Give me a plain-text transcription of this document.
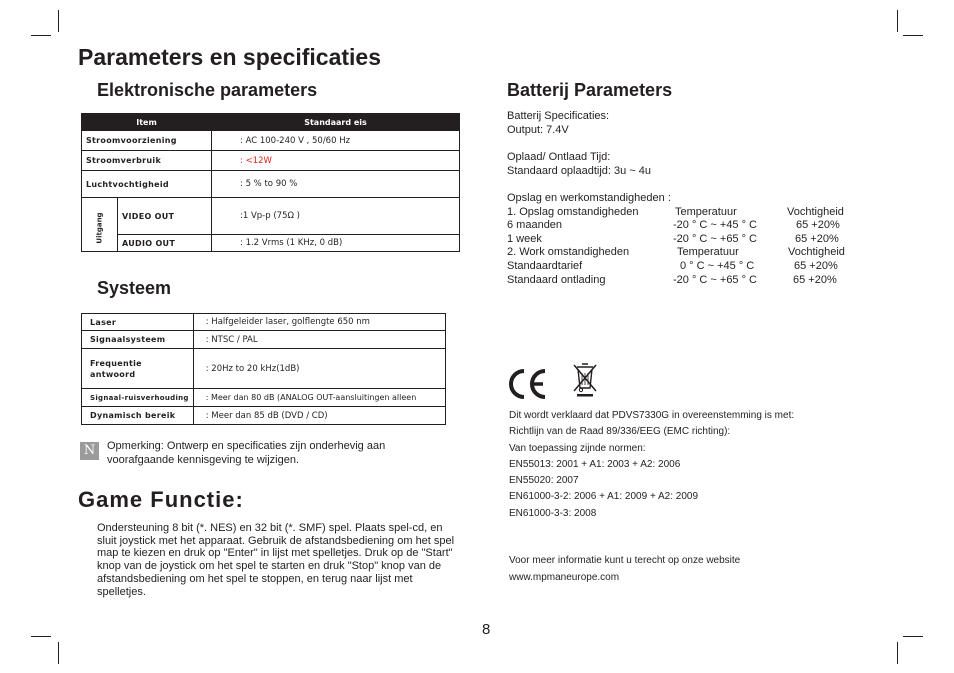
Parameters en specificaties
Elektronische parameters
Item		Standaard eis
Stroomvoorziening		: AC 100-240 V , 50/60 Hz
Stroomverbruik		: <12W
Luchtvochtigheid		: 5 % to 90 %
Uitgang	VIDEO OUT	:1 Vp-p (75Ω )
	AUDIO OUT	: 1.2 Vrms (1 KHz, 0 dB)
Systeem
Laser	: Halfgeleider laser, golflengte 650 nm
Signaalsysteem	: NTSC / PAL
Frequentie antwoord	: 20Hz to 20 kHz(1dB)
Signaal-ruisverhouding	: Meer dan 80 dB (ANALOG OUT-aansluitingen alleen
Dynamisch bereik	: Meer dan 85 dB (DVD / CD)
N	Opmerking: Ontwerp en specificaties zijn onderhevig aan voorafgaande kennisgeving te wijzigen.
Game Functie:
Ondersteuning 8 bit (*. NES) en 32 bit (*. SMF) spel. Plaats spel-cd, en sluit joystick met het apparaat. Gebruik de afstandsbediening om het spel map te kiezen en druk op "Enter" in lijst met spelletjes. Druk op de "Start" knop van de joystick om het spel te starten en druk "Stop" knop van de afstandsbediening om het spel te stoppen, en terug naar lijst met spelletjes.
Batterij Parameters
Batterij Specificaties:
Output: 7.4V
Oplaad/ Ontlaad Tijd:
Standaard oplaadtijd: 3u ~ 4u
Opslag en werkomstandigheden :
1. Opslag omstandigheden	Temperatuur	Vochtigheid
6 maanden	-20 ° C ~ +45 ° C	65 +20%
1 week	-20 ° C ~ +65 ° C	65 +20%
2. Work omstandigheden	Temperatuur	Vochtigheid
Standaardtarief	0 ° C ~ +45 ° C	65 +20%
Standaard ontlading	-20 ° C ~ +65 ° C	65 +20%
Dit wordt verklaard dat PDVS7330G in overeenstemming is met:
Richtlijn van de Raad 89/336/EEG (EMC richting):
Van toepassing zijnde normen:
EN55013: 2001 + A1: 2003 + A2: 2006
EN55020: 2007
EN61000-3-2: 2006 + A1: 2009 + A2: 2009
EN61000-3-3: 2008
Voor meer informatie kunt u terecht op onze website
www.mpmaneurope.com
8
